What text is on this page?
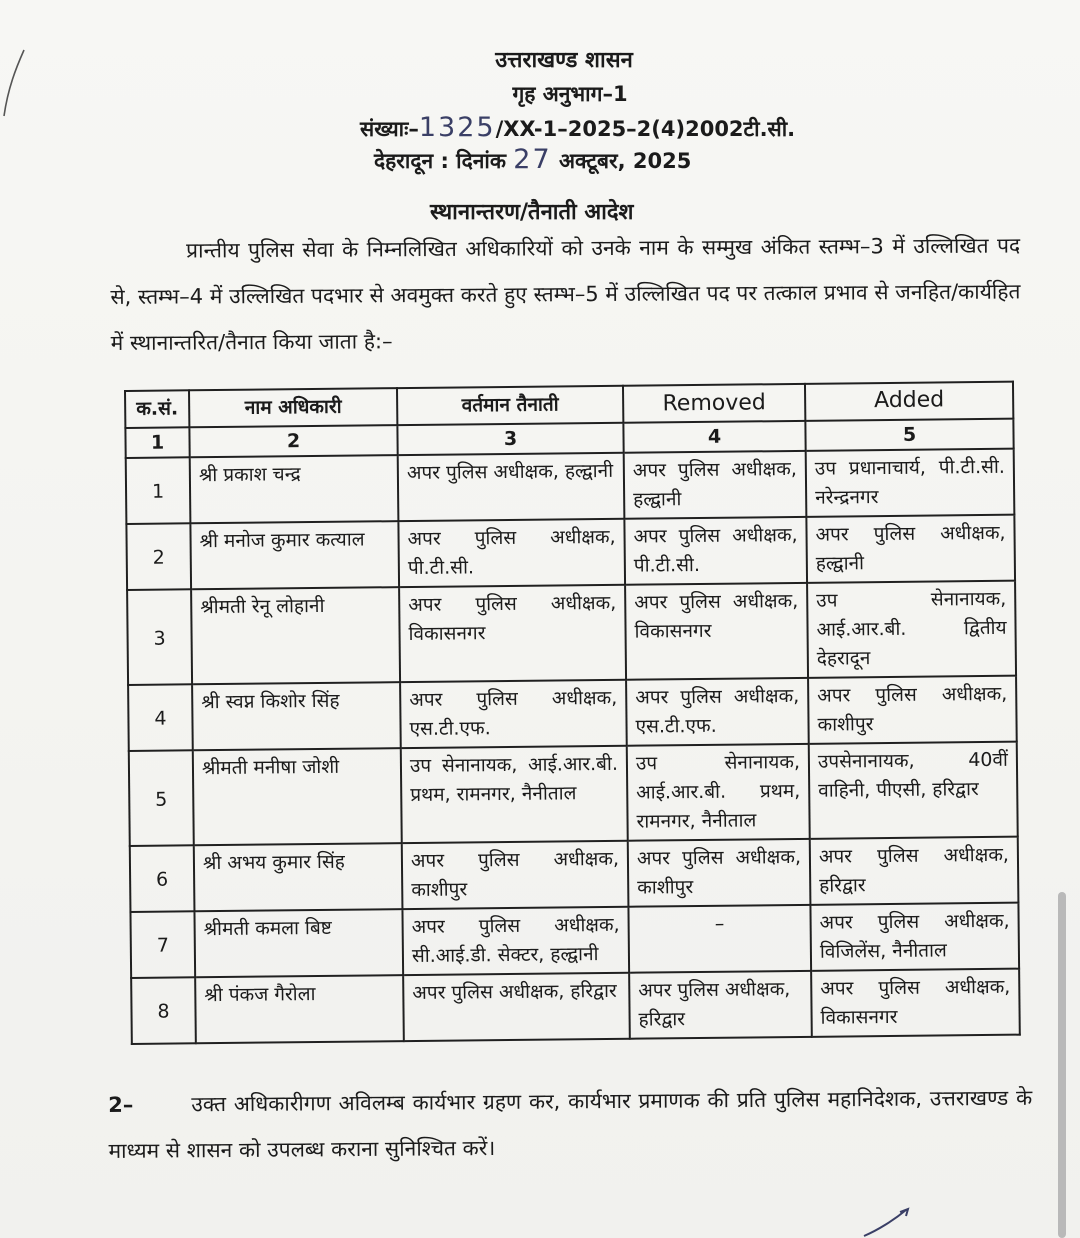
उत्तराखण्ड शासन
गृह अनुभाग–1
संख्याः–1325/XX-1–2025–2(4)2002टी.सी.
देहरादून : दिनांक 27 अक्टूबर, 2025
स्थानान्तरण/तैनाती आदेश
प्रान्तीय पुलिस सेवा के निम्नलिखित अधिकारियों को उनके नाम के सम्मुख अंकित स्तम्भ–3 में उल्लिखित पद से, स्तम्भ–4 में उल्लिखित पदभार से अवमुक्त करते हुए स्तम्भ–5 में उल्लिखित पद पर तत्काल प्रभाव से जनहित/कार्यहित में स्थानान्तरित/तैनात किया जाता है:–
क.सं.	नाम अधिकारी	वर्तमान तैनाती	Removed	Added
1	2	3	4	5
1	श्री प्रकाश चन्द्र	अपर पुलिस अधीक्षक, हल्द्वानी	अपर पुलिस अधीक्षक, हल्द्वानी	उप प्रधानाचार्य, पी.टी.सी. नरेन्द्रनगर
2	श्री मनोज कुमार कत्याल	अपर पुलिस अधीक्षक, पी.टी.सी.	अपर पुलिस अधीक्षक, पी.टी.सी.	अपर पुलिस अधीक्षक, हल्द्वानी
3	श्रीमती रेनू लोहानी	अपर पुलिस अधीक्षक, विकासनगर	अपर पुलिस अधीक्षक, विकासनगर	उप सेनानायक, आई.आर.बी. द्वितीय देहरादून
4	श्री स्वप्न किशोर सिंह	अपर पुलिस अधीक्षक, एस.टी.एफ.	अपर पुलिस अधीक्षक, एस.टी.एफ.	अपर पुलिस अधीक्षक, काशीपुर
5	श्रीमती मनीषा जोशी	उप सेनानायक, आई.आर.बी. प्रथम, रामनगर, नैनीताल	उप सेनानायक, आई.आर.बी. प्रथम, रामनगर, नैनीताल	उपसेनानायक, 40वीं वाहिनी, पीएसी, हरिद्वार
6	श्री अभय कुमार सिंह	अपर पुलिस अधीक्षक, काशीपुर	अपर पुलिस अधीक्षक, काशीपुर	अपर पुलिस अधीक्षक, हरिद्वार
7	श्रीमती कमला बिष्ट	अपर पुलिस अधीक्षक, सी.आई.डी. सेक्टर, हल्द्वानी	–	अपर पुलिस अधीक्षक, विजिलेंस, नैनीताल
8	श्री पंकज गैरोला	अपर पुलिस अधीक्षक, हरिद्वार	अपर पुलिस अधीक्षक, हरिद्वार	अपर पुलिस अधीक्षक, विकासनगर
2–	उक्त अधिकारीगण अविलम्ब कार्यभार ग्रहण कर, कार्यभार प्रमाणक की प्रति पुलिस महानिदेशक, उत्तराखण्ड के माध्यम से शासन को उपलब्ध कराना सुनिश्चित करें।
